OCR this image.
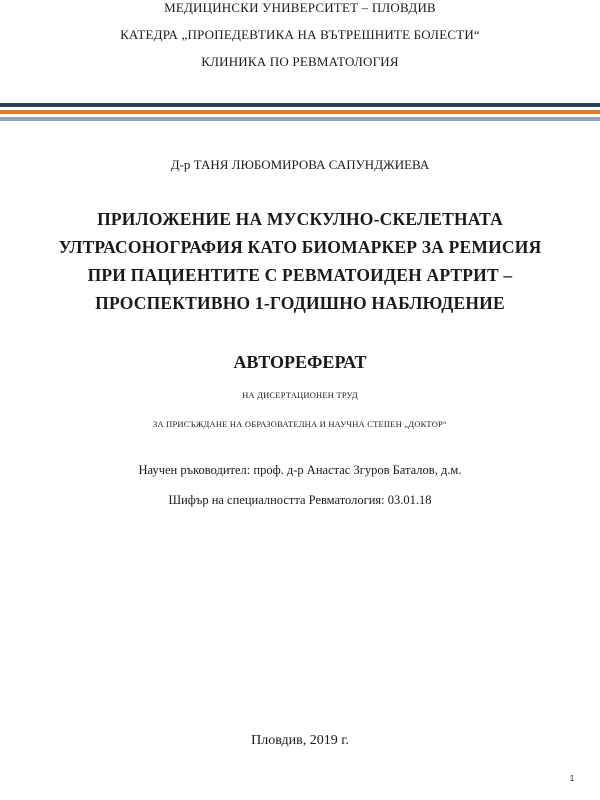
МЕДИЦИНСКИ УНИВЕРСИТЕТ – ПЛОВДИВ
КАТЕДРА „ПРОПЕДЕВТИКА НА ВЪТРЕШНИТЕ БОЛЕСТИ“
КЛИНИКА ПО РЕВМАТОЛОГИЯ
Д-р ТАНЯ ЛЮБОМИРОВА САПУНДЖИЕВА
ПРИЛОЖЕНИЕ НА МУСКУЛНО-СКЕЛЕТНАТА
УЛТРАСОНОГРАФИЯ КАТО БИОМАРКЕР ЗА РЕМИСИЯ
ПРИ ПАЦИЕНТИТЕ С РЕВМАТОИДЕН АРТРИТ –
ПРОСПЕКТИВНО 1-ГОДИШНО НАБЛЮДЕНИЕ
АВТОРЕФЕРАТ
НА ДИСЕРТАЦИОНЕН ТРУД
ЗА ПРИСЪЖДАНЕ НА ОБРАЗОВАТЕЛНА И НАУЧНА СТЕПЕН „ДОКТОР“
Научен ръководител: проф. д-р Анастас Згуров Баталов, д.м.
Шифър на специалността Ревматология: 03.01.18
Пловдив, 2019 г.
1
